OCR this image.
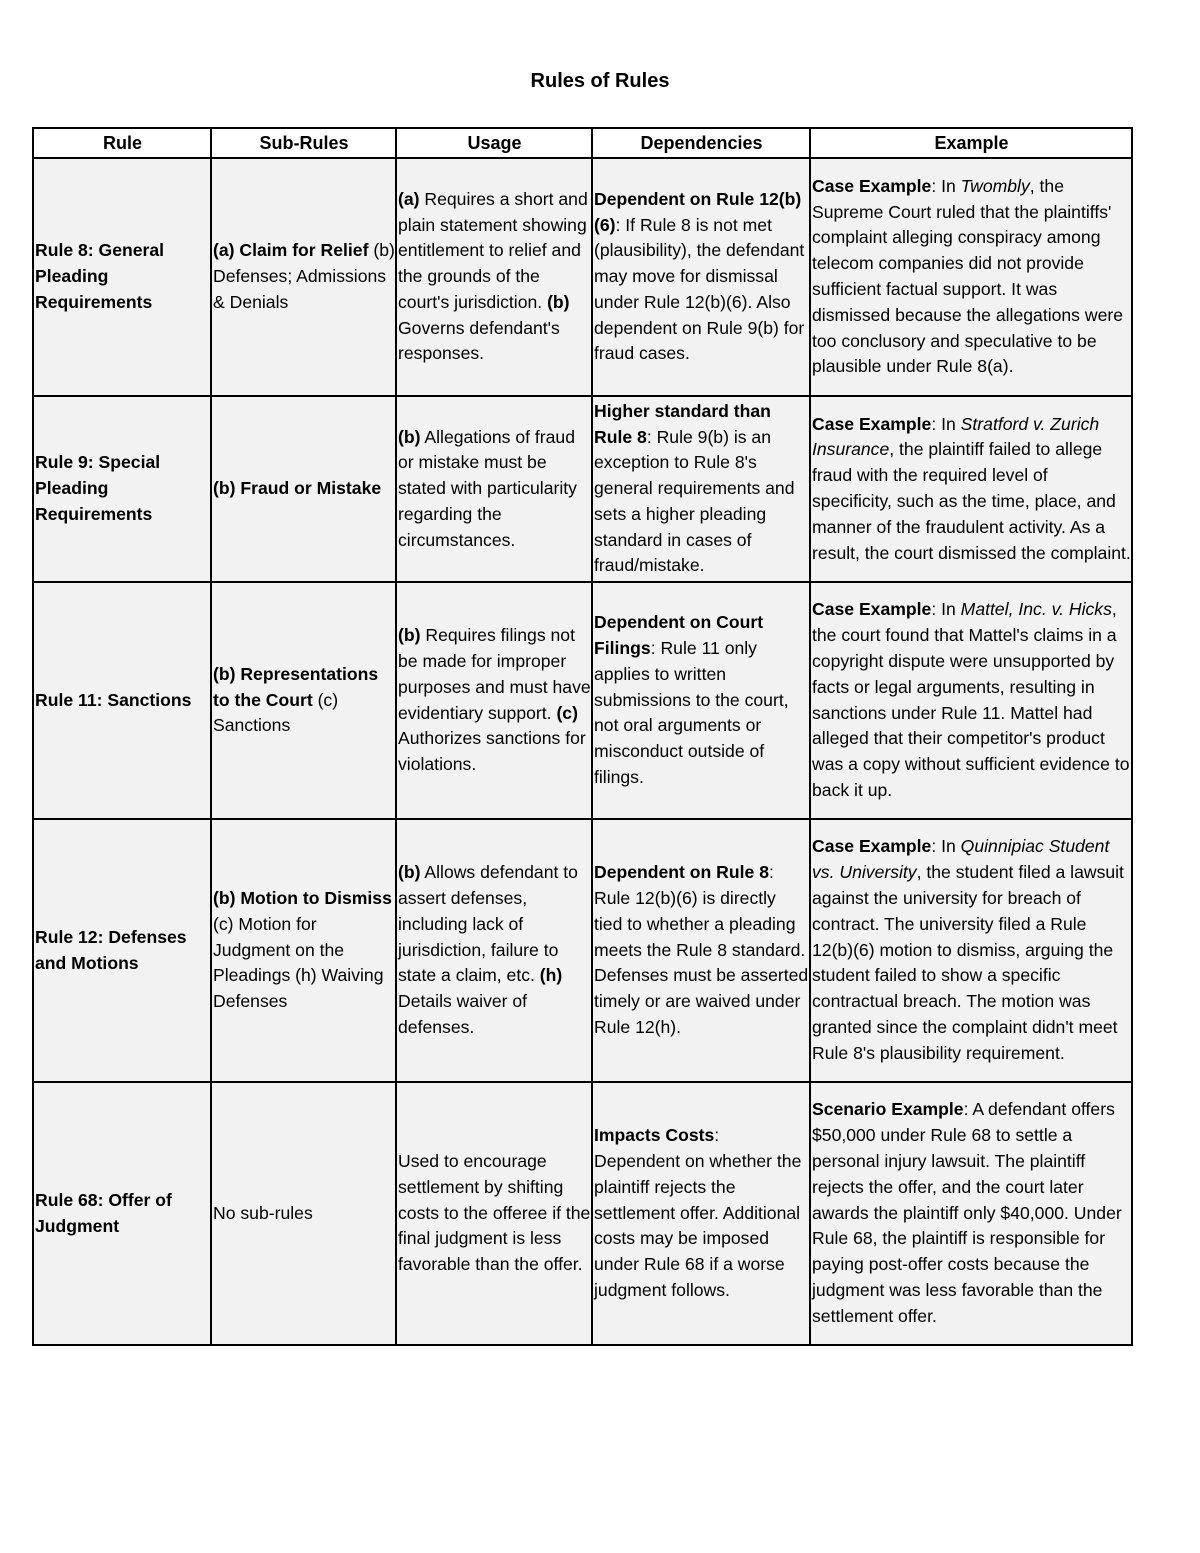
Rules of Rules
Rule	Sub-Rules	Usage	Dependencies	Example
Rule 8: General Pleading Requirements	(a) Claim for Relief (b) Defenses; Admissions & Denials	(a) Requires a short and plain statement showing entitlement to relief and the grounds of the court's jurisdiction. (b) Governs defendant's responses.	Dependent on Rule 12(b)(6): If Rule 8 is not met (plausibility), the defendant may move for dismissal under Rule 12(b)(6). Also dependent on Rule 9(b) for fraud cases.	Case Example: In Twombly, the Supreme Court ruled that the plaintiffs' complaint alleging conspiracy among telecom companies did not provide sufficient factual support. It was dismissed because the allegations were too conclusory and speculative to be plausible under Rule 8(a).
Rule 9: Special Pleading Requirements	(b) Fraud or Mistake	(b) Allegations of fraud or mistake must be stated with particularity regarding the circumstances.	Higher standard than Rule 8: Rule 9(b) is an exception to Rule 8's general requirements and sets a higher pleading standard in cases of fraud/mistake.	Case Example: In Stratford v. Zurich Insurance, the plaintiff failed to allege fraud with the required level of specificity, such as the time, place, and manner of the fraudulent activity. As a result, the court dismissed the complaint.
Rule 11: Sanctions	(b) Representations to the Court (c) Sanctions	(b) Requires filings not be made for improper purposes and must have evidentiary support. (c) Authorizes sanctions for violations.	Dependent on Court Filings: Rule 11 only applies to written submissions to the court, not oral arguments or misconduct outside of filings.	Case Example: In Mattel, Inc. v. Hicks, the court found that Mattel's claims in a copyright dispute were unsupported by facts or legal arguments, resulting in sanctions under Rule 11. Mattel had alleged that their competitor's product was a copy without sufficient evidence to back it up.
Rule 12: Defenses and Motions	(b) Motion to Dismiss (c) Motion for Judgment on the Pleadings (h) Waiving Defenses	(b) Allows defendant to assert defenses, including lack of jurisdiction, failure to state a claim, etc. (h) Details waiver of defenses.	Dependent on Rule 8: Rule 12(b)(6) is directly tied to whether a pleading meets the Rule 8 standard. Defenses must be asserted timely or are waived under Rule 12(h).	Case Example: In Quinnipiac Student vs. University, the student filed a lawsuit against the university for breach of contract. The university filed a Rule 12(b)(6) motion to dismiss, arguing the student failed to show a specific contractual breach. The motion was granted since the complaint didn't meet Rule 8's plausibility requirement.
Rule 68: Offer of Judgment	No sub-rules	Used to encourage settlement by shifting costs to the offeree if the final judgment is less favorable than the offer.	Impacts Costs: Dependent on whether the plaintiff rejects the settlement offer. Additional costs may be imposed under Rule 68 if a worse judgment follows.	Scenario Example: A defendant offers $50,000 under Rule 68 to settle a personal injury lawsuit. The plaintiff rejects the offer, and the court later awards the plaintiff only $40,000. Under Rule 68, the plaintiff is responsible for paying post-offer costs because the judgment was less favorable than the settlement offer.
